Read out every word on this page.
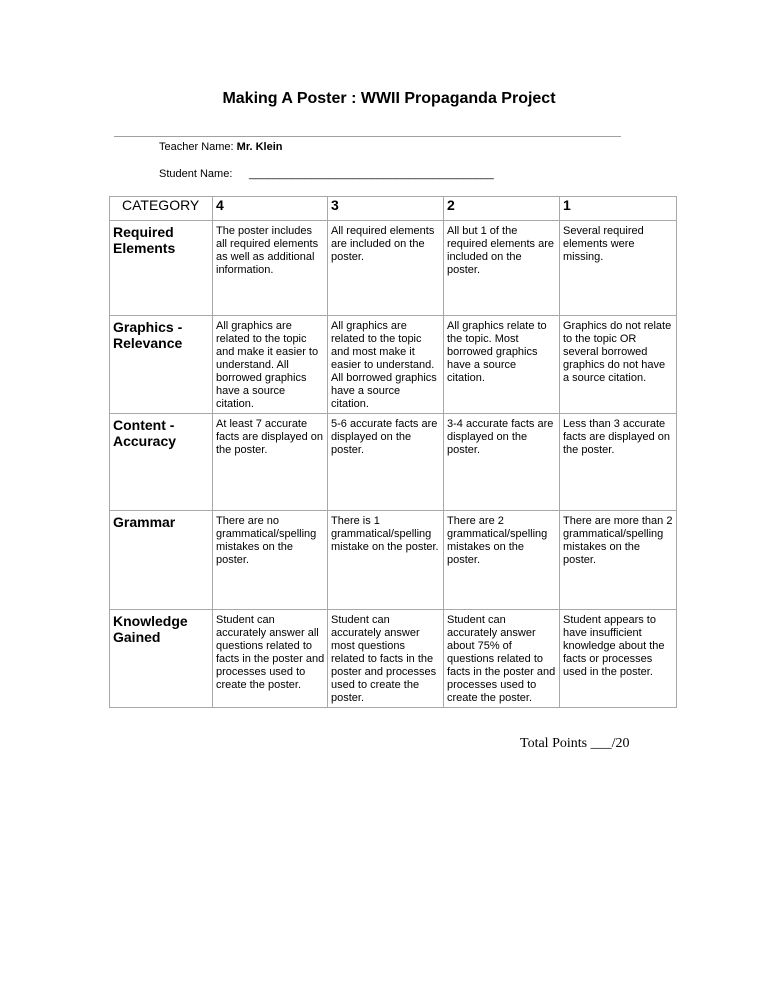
Making A Poster : WWII Propaganda Project
Teacher Name: Mr. Klein
Student Name: ________________________________________
CATEGORY	4	3	2	1
Required Elements	The poster includes all required elements as well as additional information.	All required elements are included on the poster.	All but 1 of the required elements are included on the poster.	Several required elements were missing.
Graphics - Relevance	All graphics are related to the topic and make it easier to understand. All borrowed graphics have a source citation.	All graphics are related to the topic and most make it easier to understand. All borrowed graphics have a source citation.	All graphics relate to the topic. Most borrowed graphics have a source citation.	Graphics do not relate to the topic OR several borrowed graphics do not have a source citation.
Content - Accuracy	At least 7 accurate facts are displayed on the poster.	5-6 accurate facts are displayed on the poster.	3-4 accurate facts are displayed on the poster.	Less than 3 accurate facts are displayed on the poster.
Grammar	There are no grammatical/spelling mistakes on the poster.	There is 1 grammatical/spelling mistake on the poster.	There are 2 grammatical/spelling mistakes on the poster.	There are more than 2 grammatical/spelling mistakes on the poster.
Knowledge Gained	Student can accurately answer all questions related to facts in the poster and processes used to create the poster.	Student can accurately answer most questions related to facts in the poster and processes used to create the poster.	Student can accurately answer about 75% of questions related to facts in the poster and processes used to create the poster.	Student appears to have insufficient knowledge about the facts or processes used in the poster.
Total Points ___/20
